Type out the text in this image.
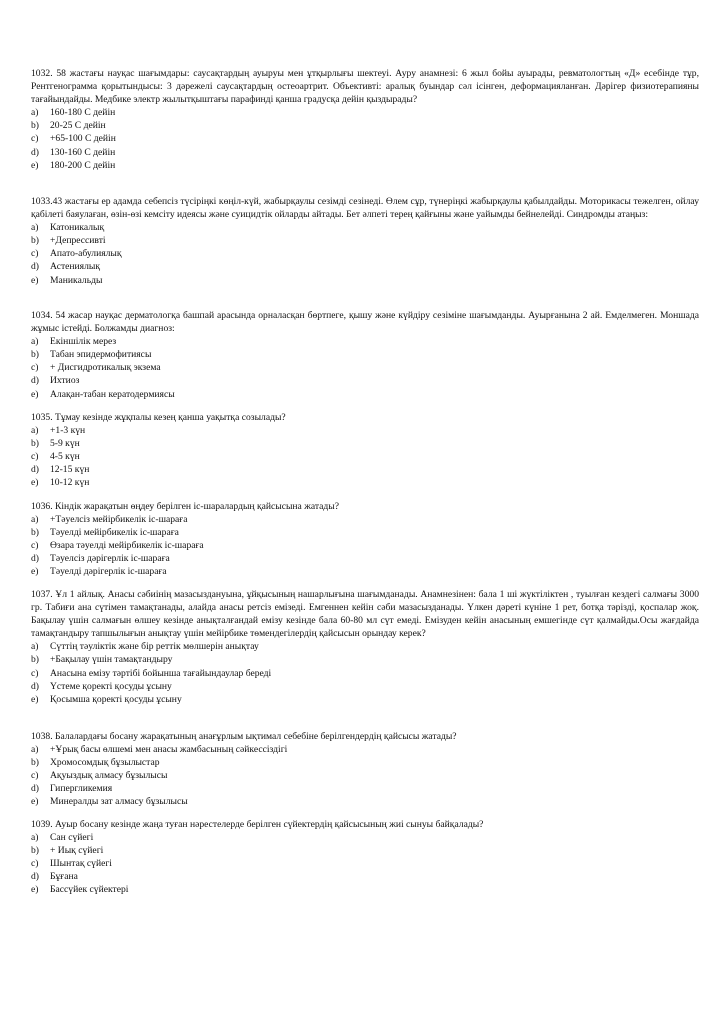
1032. 58 жастағы науқас шағымдары: саусақтардың ауыруы мен ұтқырлығы шектеуі. Ауру анамнезі: 6 жыл бойы ауырады, ревматологтың «Д» есебінде тұр, Рентгенограмма қорытындысы: 3 дәрежелі саусақтардың остеоартрит. Объективті: аралық буындар сәл ісінген, деформацияланған. Дәрігер физиотерапияны тағайындайды. Медбике электр жылытқыштағы парафинді қанша градусқа дейін қыздырады?

a)	160-180 С дейін
b)	20-25 С дейін
c)	+65-100 С дейін
d)	130-160 С дейін
e)	180-200 С дейін

1033.43 жастағы ер адамда себепсіз түсіріңкі көңіл-күй, жабырқаулы сезімді сезінеді. Өлем сұр, түнеріңкі жабырқаулы қабылдайды. Моторикасы тежелген, ойлау қабілеті баяулаған, өзін-өзі кемсіту идеясы және суицидтік ойларды айтады. Бет әлпеті терең қайғыны және уайымды бейнелейді. Синдромды атаңыз:

a)	Катоникалық
b)	+Депрессивті
c)	Апато-абулиялық
d)	Астениялық
e)	Маникальды

1034. 54 жасар науқас дерматологқа башпай арасында орналасқан бөртпеге, қышу және күйдіру сезіміне шағымданды. Ауырғанына 2 ай. Емделмеген. Моншада жұмыс істейді. Болжамды диагноз:

a)	Екіншілік мерез
b)	Табан эпидермофитиясы
c)	+ Дисгидротикалық экзема
d)	Ихтиоз
e)	Алақан-табан кератодермиясы

1035. Тұмау кезінде жұқпалы кезең қанша уақытқа созылады?

a)	+1-3 күн
b)	5-9 күн
c)	4-5 күн
d)	12-15 күн
e)	10-12 күн

1036. Кіндік жарақатын өңдеу берілген іс-шаралардың қайсысына жатады?

a)	+Тәуелсіз мейірбикелік іс-шараға
b)	Тәуелді мейірбикелік іс-шараға
c)	Өзара тәуелді мейірбикелік іс-шараға
d)	Тәуелсіз дәрігерлік іс-шараға
e)	Тәуелді дәрігерлік іс-шараға

1037. Ұл 1 айлық. Анасы сәбиінің мазасыздануына, ұйқысының нашарлығына шағымданады. Анамнезінен: бала 1 ші жүктіліктен , туылған кездегі салмағы 3000 гр. Табиғи ана сүтімен тамақтанады, алайда анасы ретсіз емізеді. Емгеннен кейін сәби мазасызданады. Үлкен дәреті күніне 1 рет, ботқа тәрізді, қоспалар жоқ. Бақылау үшін салмағын өлшеу кезінде анықталғандай емізу кезінде бала 60-80 мл сүт емеді. Емізуден кейін анасының емшегінде сүт қалмайды.Осы жағдайда тамақтандыру тапшылығын анықтау үшін мейірбике төмендегілердің қайсысын орындау керек?

a)	Сүттің тәуліктік және бір реттік мөлшерін анықтау
b)	+Бақылау үшін тамақтандыру
c)	Анасына емізу тәртібі бойынша тағайындаулар береді
d)	Үстеме қоректі қосуды ұсыну
e)	Қосымша қоректі қосуды ұсыну

1038. Балалардағы босану жарақатының анағұрлым ықтимал себебіне берілгендердің қайсысы жатады?

a)	+Ұрық басы өлшемі мен анасы жамбасының сәйкессіздігі
b)	Хромосомдық бұзылыстар
c)	Ақуыздық алмасу бұзылысы
d)	Гипергликемия
e)	Минералды зат алмасу бұзылысы

1039. Ауыр босану кезінде жаңа туған нәрестелерде берілген сүйектердің қайсысының жиі сынуы байқалады?

a)	Сан сүйегі
b)	+ Иық сүйегі
c)	Шынтақ сүйегі
d)	Бұғана
e)	Бассүйек сүйектері
